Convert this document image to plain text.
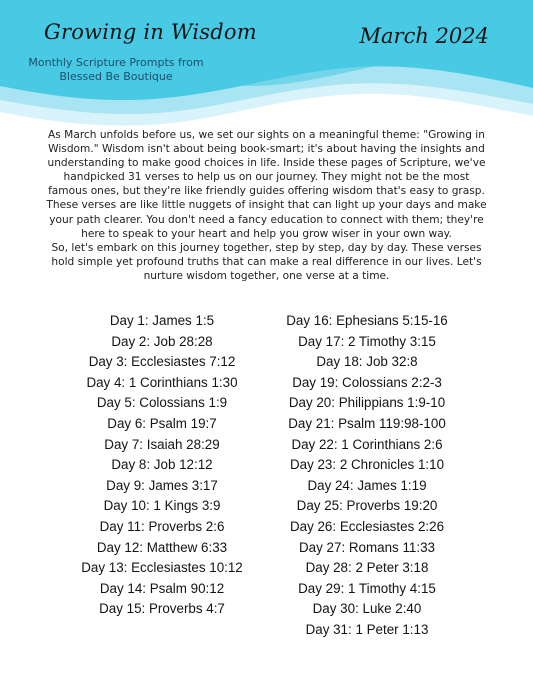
Growing in Wisdom	March 2024
Monthly Scripture Prompts from Blessed Be Boutique

As March unfolds before us, we set our sights on a meaningful theme: "Growing in Wisdom." Wisdom isn't about being book-smart; it's about having the insights and understanding to make good choices in life. Inside these pages of Scripture, we've handpicked 31 verses to help us on our journey. They might not be the most famous ones, but they're like friendly guides offering wisdom that's easy to grasp. These verses are like little nuggets of insight that can light up your days and make your path clearer. You don't need a fancy education to connect with them; they're here to speak to your heart and help you grow wiser in your own way.

So, let's embark on this journey together, step by step, day by day. These verses hold simple yet profound truths that can make a real difference in our lives. Let's nurture wisdom together, one verse at a time.

Day 1: James 1:5
Day 2: Job 28:28
Day 3: Ecclesiastes 7:12
Day 4: 1 Corinthians 1:30
Day 5: Colossians 1:9
Day 6: Psalm 19:7
Day 7: Isaiah 28:29
Day 8: Job 12:12
Day 9: James 3:17
Day 10: 1 Kings 3:9
Day 11: Proverbs 2:6
Day 12: Matthew 6:33
Day 13: Ecclesiastes 10:12
Day 14: Psalm 90:12
Day 15: Proverbs 4:7
Day 16: Ephesians 5:15-16
Day 17: 2 Timothy 3:15
Day 18: Job 32:8
Day 19: Colossians 2:2-3
Day 20: Philippians 1:9-10
Day 21: Psalm 119:98-100
Day 22: 1 Corinthians 2:6
Day 23: 2 Chronicles 1:10
Day 24: James 1:19
Day 25: Proverbs 19:20
Day 26: Ecclesiastes 2:26
Day 27: Romans 11:33
Day 28: 2 Peter 3:18
Day 29: 1 Timothy 4:15
Day 30: Luke 2:40
Day 31: 1 Peter 1:13
